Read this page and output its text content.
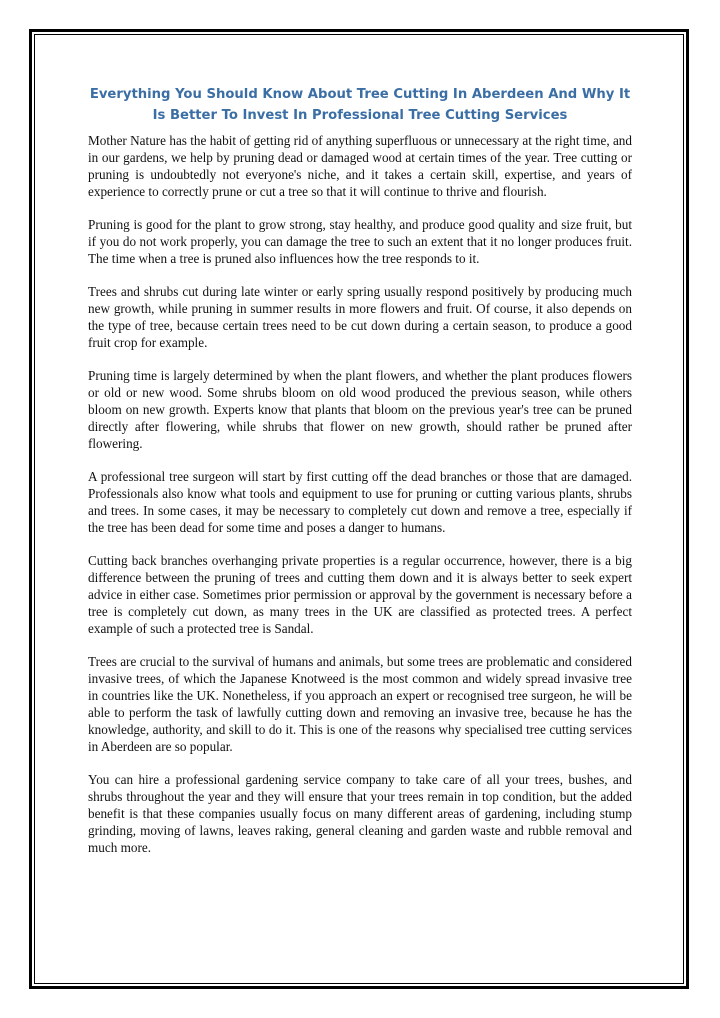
Everything You Should Know About Tree Cutting In Aberdeen And Why It Is Better To Invest In Professional Tree Cutting Services

Mother Nature has the habit of getting rid of anything superfluous or unnecessary at the right time, and in our gardens, we help by pruning dead or damaged wood at certain times of the year. Tree cutting or pruning is undoubtedly not everyone's niche, and it takes a certain skill, expertise, and years of experience to correctly prune or cut a tree so that it will continue to thrive and flourish.

Pruning is good for the plant to grow strong, stay healthy, and produce good quality and size fruit, but if you do not work properly, you can damage the tree to such an extent that it no longer produces fruit. The time when a tree is pruned also influences how the tree responds to it.

Trees and shrubs cut during late winter or early spring usually respond positively by producing much new growth, while pruning in summer results in more flowers and fruit. Of course, it also depends on the type of tree, because certain trees need to be cut down during a certain season, to produce a good fruit crop for example.

Pruning time is largely determined by when the plant flowers, and whether the plant produces flowers or old or new wood. Some shrubs bloom on old wood produced the previous season, while others bloom on new growth. Experts know that plants that bloom on the previous year's tree can be pruned directly after flowering, while shrubs that flower on new growth, should rather be pruned after flowering.

A professional tree surgeon will start by first cutting off the dead branches or those that are damaged. Professionals also know what tools and equipment to use for pruning or cutting various plants, shrubs and trees. In some cases, it may be necessary to completely cut down and remove a tree, especially if the tree has been dead for some time and poses a danger to humans.

Cutting back branches overhanging private properties is a regular occurrence, however, there is a big difference between the pruning of trees and cutting them down and it is always better to seek expert advice in either case. Sometimes prior permission or approval by the government is necessary before a tree is completely cut down, as many trees in the UK are classified as protected trees. A perfect example of such a protected tree is Sandal.

Trees are crucial to the survival of humans and animals, but some trees are problematic and considered invasive trees, of which the Japanese Knotweed is the most common and widely spread invasive tree in countries like the UK. Nonetheless, if you approach an expert or recognised tree surgeon, he will be able to perform the task of lawfully cutting down and removing an invasive tree, because he has the knowledge, authority, and skill to do it. This is one of the reasons why specialised tree cutting services in Aberdeen are so popular.

You can hire a professional gardening service company to take care of all your trees, bushes, and shrubs throughout the year and they will ensure that your trees remain in top condition, but the added benefit is that these companies usually focus on many different areas of gardening, including stump grinding, moving of lawns, leaves raking, general cleaning and garden waste and rubble removal and much more.
